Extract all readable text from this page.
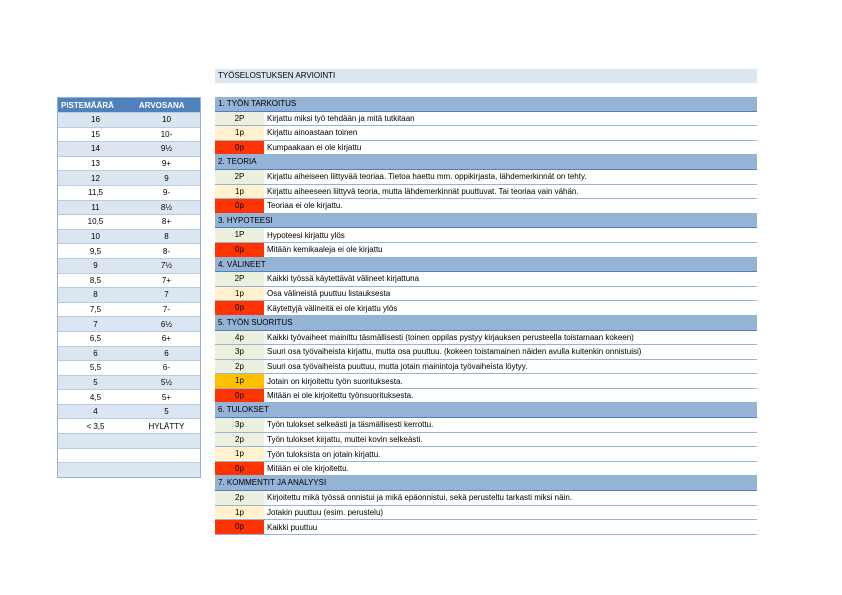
TYÖSELOSTUKSEN ARVIOINTI
PISTEMÄÄRÄ	ARVOSANA
16	10
15	10-
14	9½
13	9+
12	9
11,5	9-
11	8½
10,5	8+
10	8
9,5	8-
9	7½
8,5	7+
8	7
7,5	7-
7	6½
6,5	6+
6	6
5,5	6-
5	5½
4,5	5+
4	5
< 3,5	HYLÄTTY
1. TYÖN TARKOITUS
2P	Kirjattu miksi työ tehdään ja mitä tutkitaan
1p	Kirjattu ainoastaan toinen
0p	Kumpaakaan ei ole kirjattu
2. TEORIA
2P	Kirjattu aiheiseen liittyvää teoriaa. Tietoa haettu mm. oppikirjasta, lähdemerkinnät on tehty.
1p	Kirjattu aiheeseen liittyvä teoria, mutta lähdemerkinnät puuttuvat. Tai teoriaa vain vähän.
0p	Teoriaa ei ole kirjattu.
3. HYPOTEESI
1P	Hypoteesi kirjattu ylös
0p	Mitään kemikaaleja ei ole kirjattu
4. VÄLINEET
2P	Kaikki työssä käytettävät välineet kirjattuna
1p	Osa välineistä puuttuu listauksesta
0p	Käytettyjä välineitä ei ole kirjattu ylös
5. TYÖN SUORITUS
4p	Kaikki työvaiheet mainittu täsmällisesti (toinen oppilas pystyy kirjauksen perusteella toistamaan kokeen)
3p	Suuri osa työvaiheista kirjattu, mutta osa puuttuu. (kokeen toistamainen näiden avulla kuitenkin onnistuisi)
2p	Suuri osa työvaiheista puuttuu, mutta jotain mainintoja työvaiheista löytyy.
1p	Jotain on kirjoitettu työn suorituksesta.
0p	Mitään ei ole kirjoitettu työnsuorituksesta.
6. TULOKSET
3p	Työn tulokset selkeästi ja täsmällisesti kerrottu.
2p	Työn tulokset kirjattu, muttei kovin selkeästi.
1p	Työn tuloksista on jotain kirjattu.
0p	Mitään ei ole kirjoitettu.
7. KOMMENTIT JA ANALYYSI
2p	Kirjoitettu mikä työssä onnistui ja mikä epäonnistui, sekä perusteltu tarkasti miksi näin.
1p	Jotakin puuttuu (esim. perustelu)
0p	Kaikki puuttuu
